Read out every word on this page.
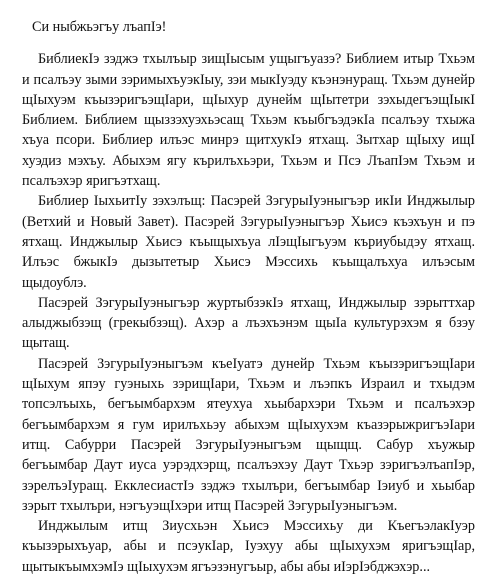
Си ныбжьэгъу лъапIэ!

БиблиекIэ зэджэ тхылъыр зищIысым ущыгъуазэ? Библием итыр Тхьэм и псалъэу зыми зэримыхъуэкIыу, зэи мыкIуэду къэнэнуращ. Тхьэм дунейр щIыхуэм къызэригъэщIари, щIыхур дунейм щIытетри зэхыдегъэщIыкI Библием. Библием щыззэхуэхьэсащ Тхьэм къыбгъэдэкIа псалъэу тхыжа хъуа псори. Библиер илъэс минрэ щитхукIэ ятхащ. Зытхар щIыху ищI хуэдиз мэхъу. Абыхэм ягу кърилъхьэри, Тхьэм и Псэ ЛъапIэм Тхьэм и псалъэхэр яригъэтхащ.

Библиер IыхьитIу зэхэлъщ: Пасэрей ЗэгурыIуэныгъэр икIи Инджылыр (Ветхий и Новый Завет). Пасэрей ЗэгурыIуэныгъэр Хьисэ къэхъун и пэ ятхащ. Инджылыр Хьисэ къыщыхъуа лIэщIыгъуэм къриубыдэу ятхащ. Илъэс бжыкIэ дызытетыр Хьисэ Мэссихь къыщалъхуа илъэсым щыдоублэ.

Пасэрей ЗэгурыIуэныгъэр журтыбзэкIэ ятхащ, Инджылыр зэрыттхар алыджыбзэщ (грекыбзэщ). Ахэр а лъэхъэнэм щыIа культурэхэм я бзэу щытащ.

Пасэрей ЗэгурыIуэныгъэм къеIуатэ дунейр Тхьэм къызэригъэщIари щIыхум япэу гуэныхь зэрищIари, Тхьэм и лъэпкъ Израил и тхыдэм топсэлъыхь, бегъымбархэм ятеухуа хьыбархэри Тхьэм и псалъэхэр бегъымбархэм я гум ирилъхьэу абыхэм щIыхухэм къазэрыжригъэIари итщ. Сабурри Пасэрей ЗэгурыIуэныгъэм щыщщ. Сабур хъужыр бегъымбар Даут иуса уэрэдхэрщ, псалъэхэу Даут Тхьэр зэригъэлъапIэр, зэрелъэIуращ. ЕкклесиастIэ зэджэ тхылъри, бегъымбар Iэиуб и хьыбар зэрыт тхылъри, нэгъуэщIхэри итщ Пасэрей ЗэгурыIуэныгъэм.

Инджылым итщ Зиусхьэн Хьисэ Мэссихьу ди КъегъэлакIуэр къызэрыхъуар, абы и псэукIар, Iуэхуу абы щIыхухэм яригъэщIар, щытыкъымхэмIэ щIыхухэм ягъэзэнугъыр, абы абы иIэрIэбджэхэр...
